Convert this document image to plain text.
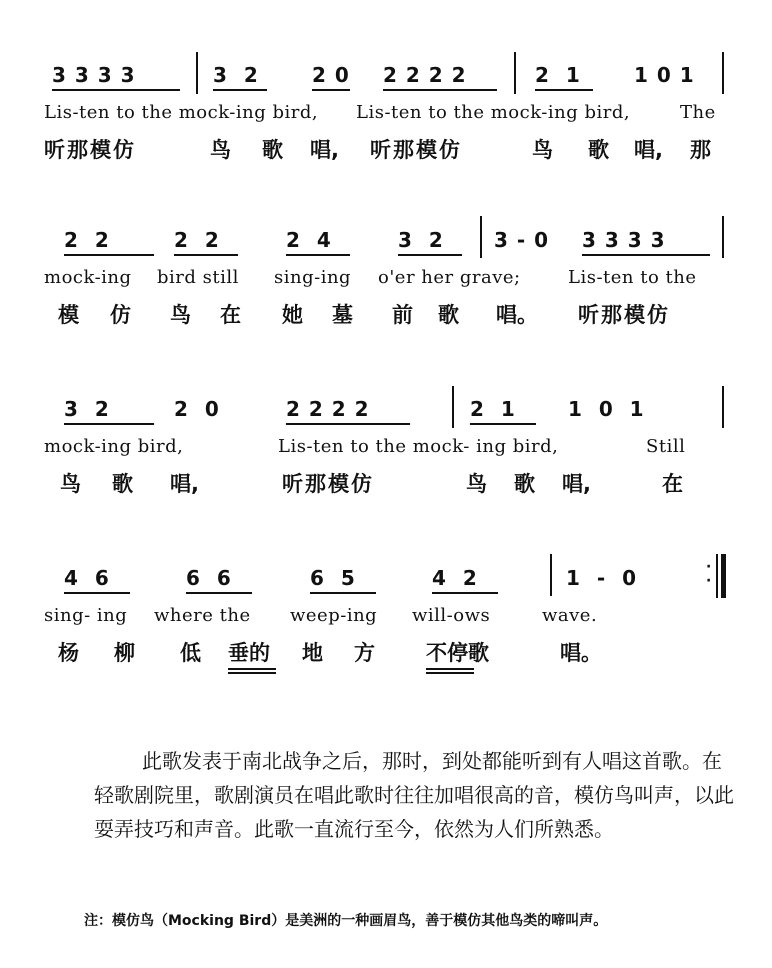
3 3 3 3	3  2	2 0 2 2 2 2	2  1	1 0 1
Lis-ten to the mock-ing bird, Lis-ten to the mock-ing bird,	The
听那模仿	鸟 歌 唱, 听那模仿	鸟 歌 唱, 那
2  2	2  2	2  4	3  2	3 - 0 3 3 3 3
mock-ing bird still sing-ing o'er her grave;	Lis-ten to the
模 仿 鸟 在 她 墓 前 歌 唱。 听那模仿
3  2	2  0	2 2 2 2	2  1	1  0  1
mock-ing bird,	Lis-ten to the mock- ing bird,	Still
鸟 歌 唱,	听那模仿	鸟 歌 唱,	在
4  6	6  6	6  5	4  2	1  -  0	·
·
sing- ing where the weep-ing will-ows	wave.
杨 柳 低 垂的 地 方 不停歌	唱。
此歌发表于南北战争之后，那时，到处都能听到有人唱这首歌。在轻歌剧院里，歌剧演员在唱此歌时往往加唱很高的音，模仿鸟叫声，以此耍弄技巧和声音。此歌一直流行至今，依然为人们所熟悉。
注：模仿鸟（Mocking Bird）是美洲的一种画眉鸟，善于模仿其他鸟类的啼叫声。
